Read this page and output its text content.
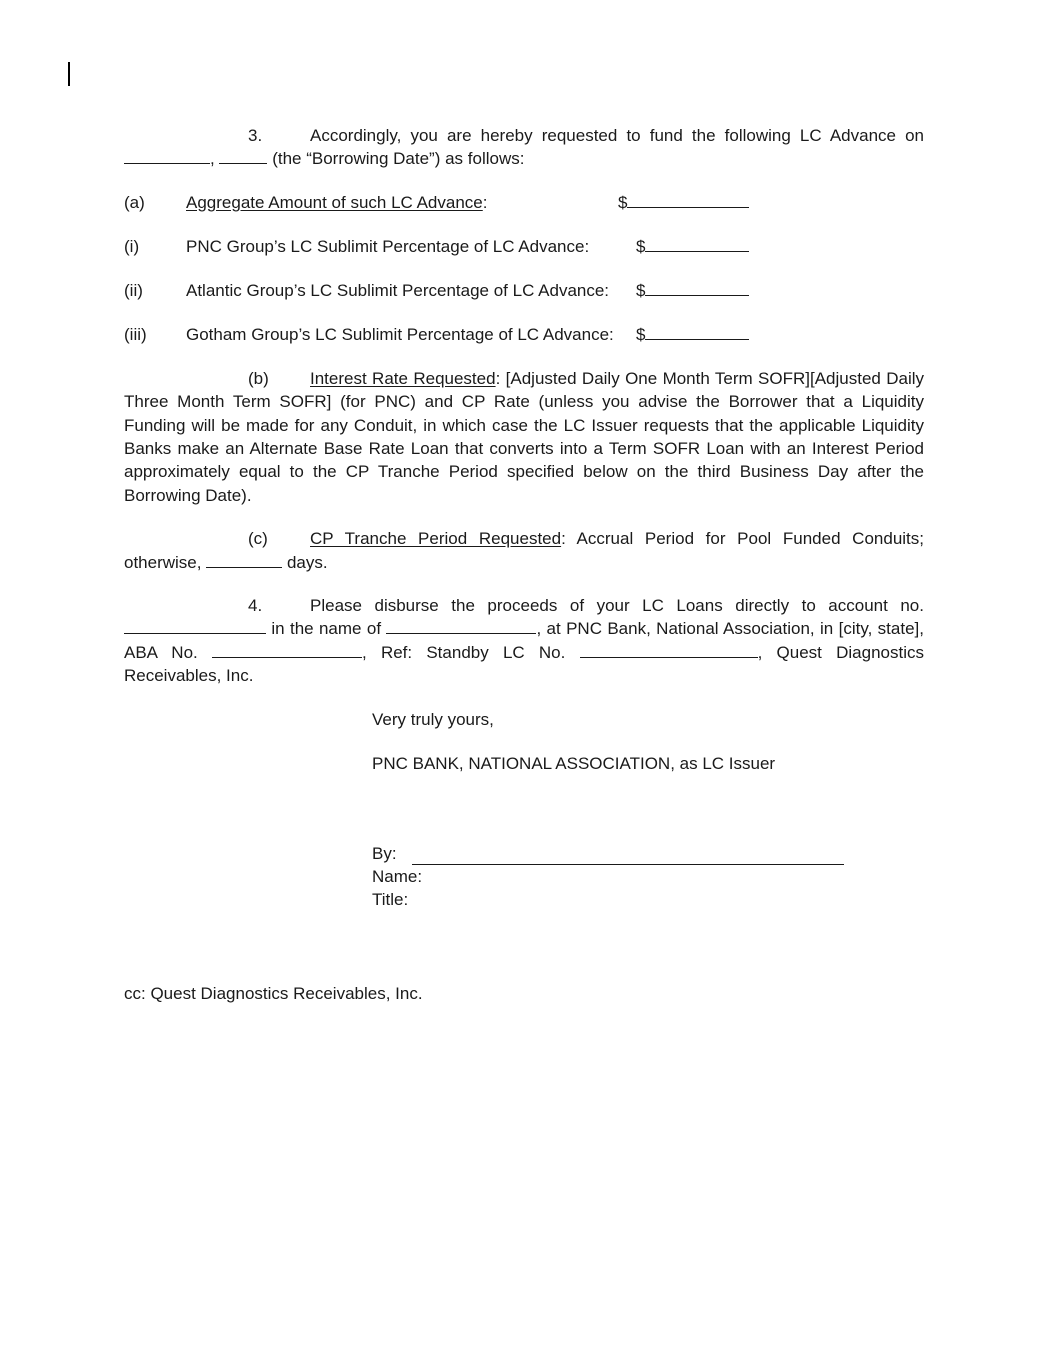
3.	Accordingly, you are hereby requested to fund the following LC Advance on ,	(the “Borrowing Date”) as follows:

(a) Aggregate Amount of such LC Advance:	$
(i)	PNC Group’s LC Sublimit Percentage of LC Advance:	$
(ii)	Atlantic Group’s LC Sublimit Percentage of LC Advance: $
(iii) Gotham Group’s LC Sublimit Percentage of LC Advance: $

(b) Interest Rate Requested: [Adjusted Daily One Month Term SOFR][Adjusted Daily Three Month Term SOFR] (for PNC) and CP Rate (unless you advise the Borrower that a Liquidity Funding will be made for any Conduit, in which case the LC Issuer requests that the applicable Liquidity Banks make an Alternate Base Rate Loan that converts into a Term SOFR Loan with an Interest Period approximately equal to the CP Tranche Period specified below on the third Business Day after the Borrowing Date).

(c) CP Tranche Period Requested: Accrual Period for Pool Funded Conduits; otherwise,	days.

4.	Please disburse the proceeds of your LC Loans directly to account no.  in the name of	, at PNC Bank, National Association, in [city, state], ABA No.	, Ref: Standby LC No.	, Quest Diagnostics Receivables, Inc.

Very truly yours,

PNC BANK, NATIONAL ASSOCIATION, as LC Issuer

By:

Name:

Title:

cc: Quest Diagnostics Receivables, Inc.
